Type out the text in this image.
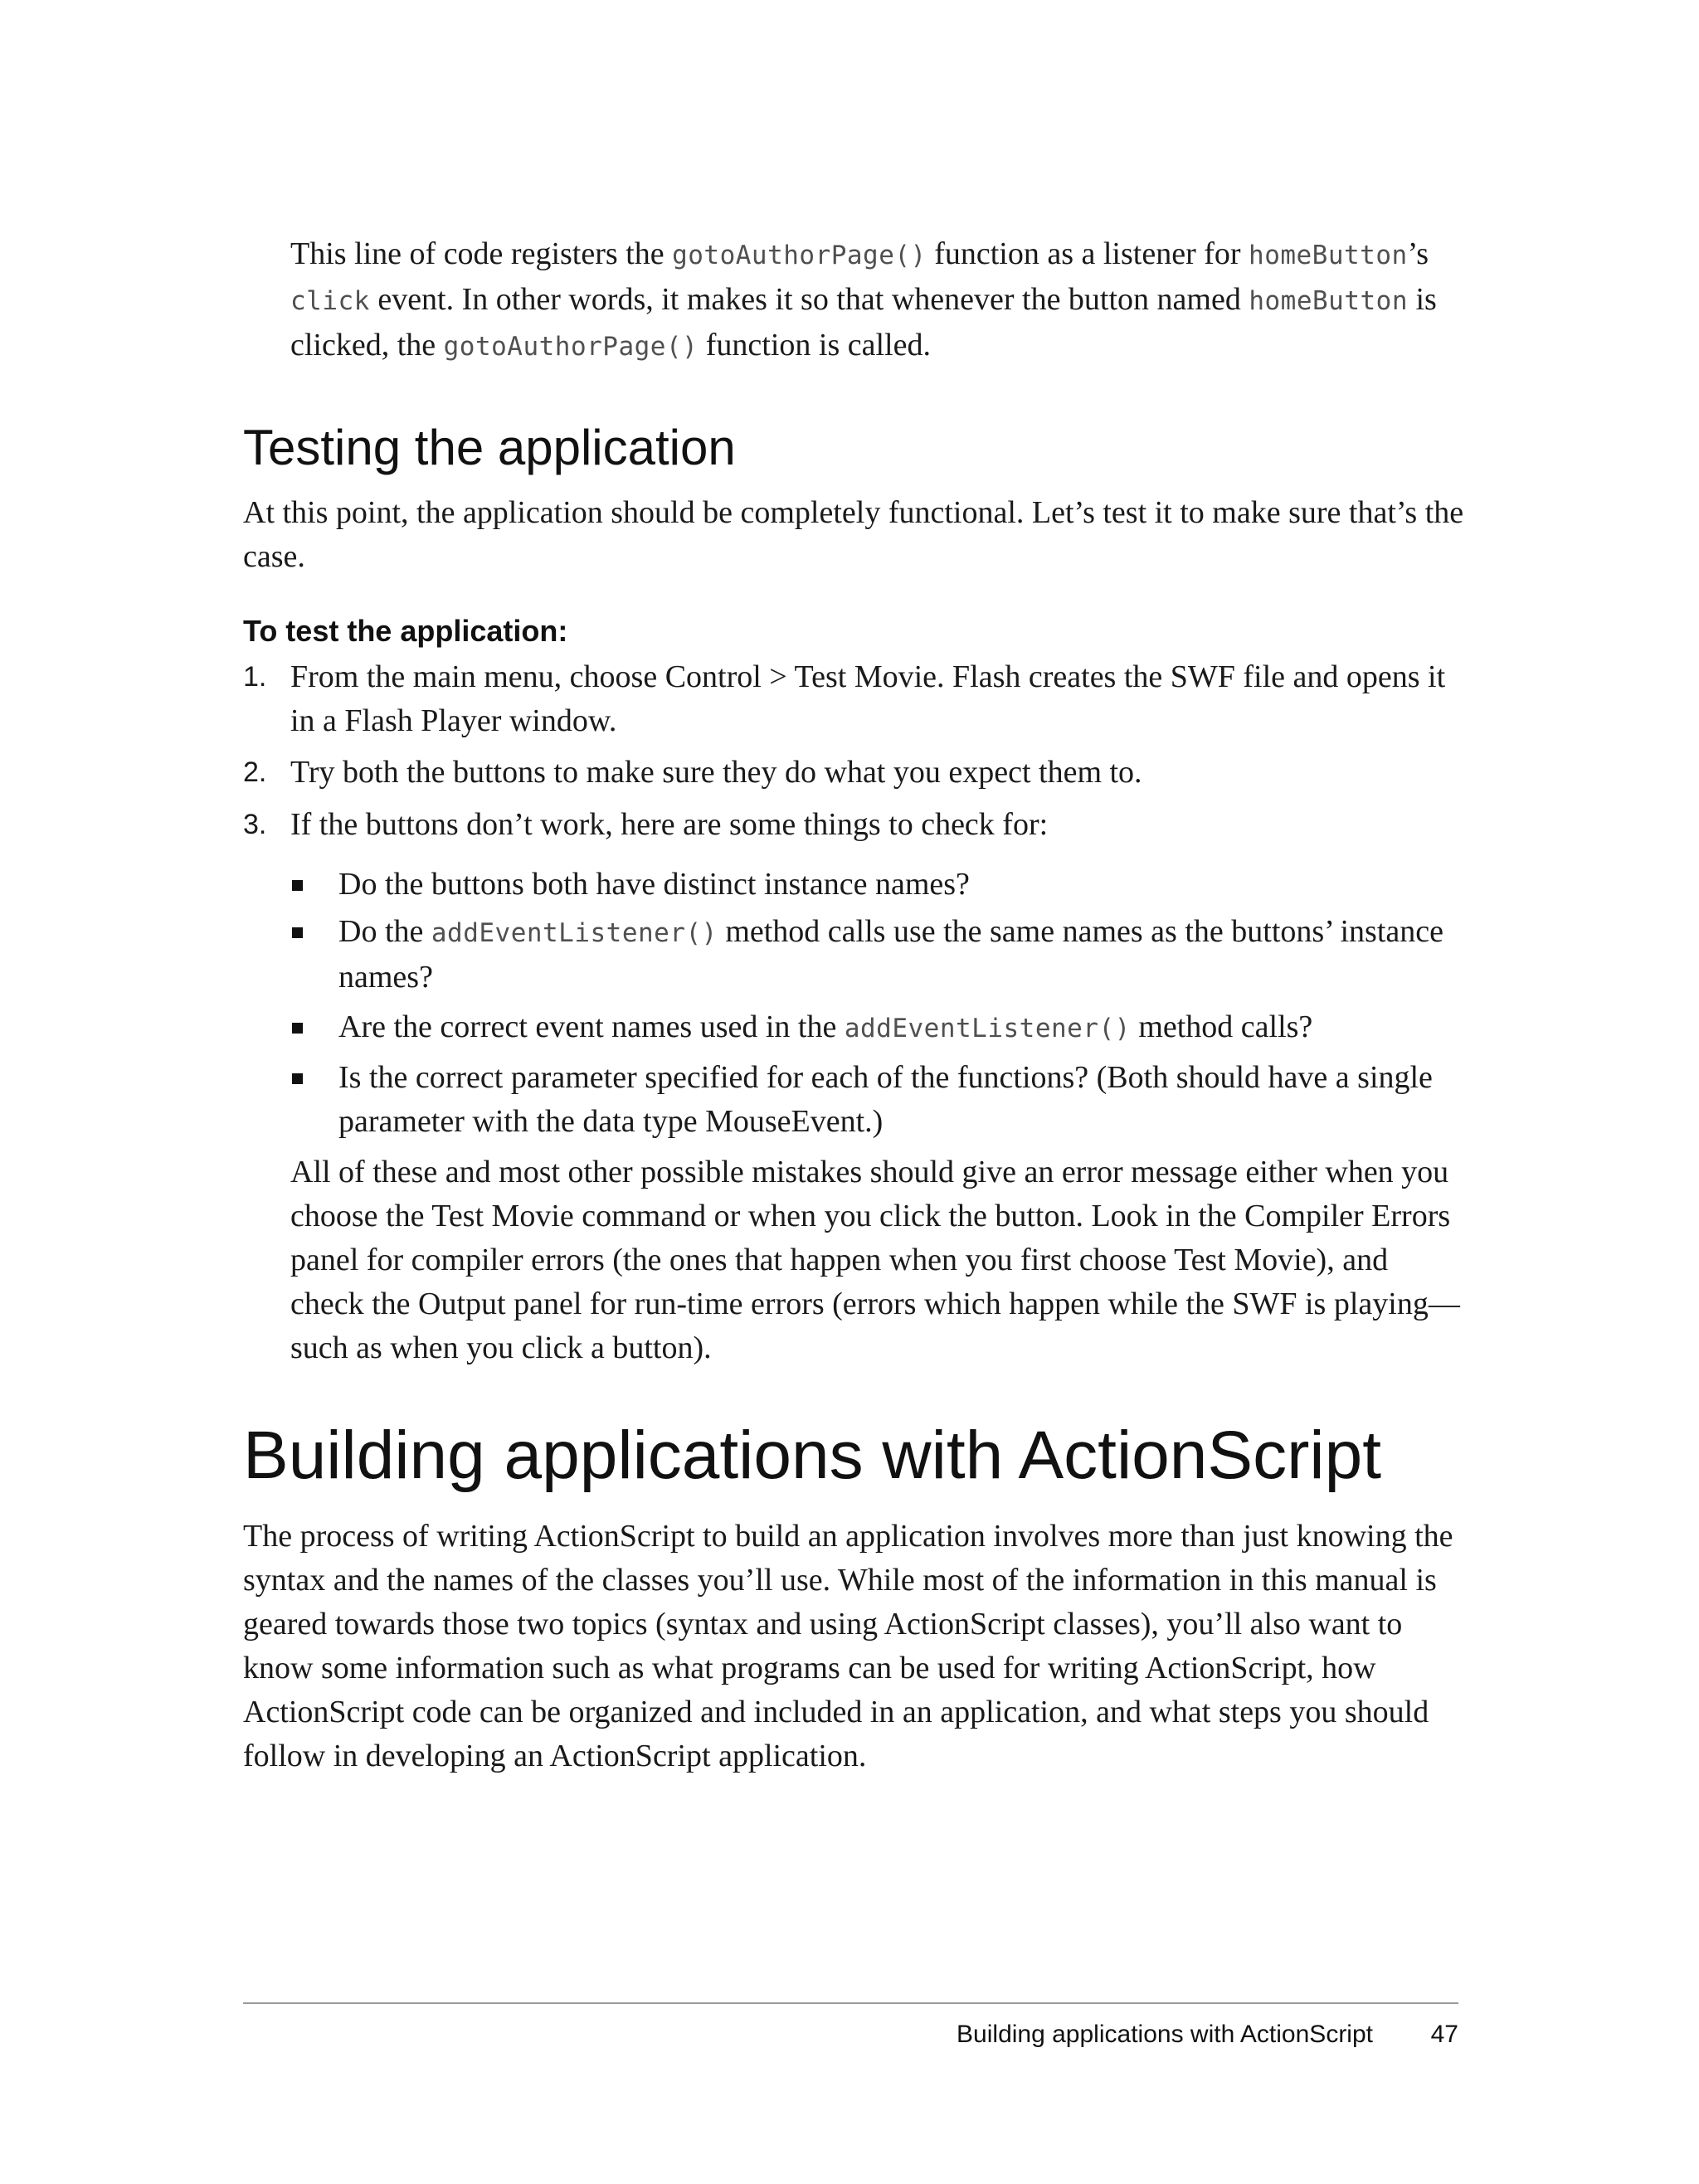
This line of code registers the gotoAuthorPage() function as a listener for homeButton’s click event. In other words, it makes it so that whenever the button named homeButton is clicked, the gotoAuthorPage() function is called.

Testing the application

At this point, the application should be completely functional. Let’s test it to make sure that’s the case.

To test the application:
1. From the main menu, choose Control > Test Movie. Flash creates the SWF file and opens it in a Flash Player window.
2. Try both the buttons to make sure they do what you expect them to.
3. If the buttons don’t work, here are some things to check for:
Do the buttons both have distinct instance names?
Do the addEventListener() method calls use the same names as the buttons’ instance names?
Are the correct event names used in the addEventListener() method calls?
Is the correct parameter specified for each of the functions? (Both should have a single parameter with the data type MouseEvent.)

All of these and most other possible mistakes should give an error message either when you choose the Test Movie command or when you click the button. Look in the Compiler Errors panel for compiler errors (the ones that happen when you first choose Test Movie), and check the Output panel for run-time errors (errors which happen while the SWF is playing—such as when you click a button).

Building applications with ActionScript

The process of writing ActionScript to build an application involves more than just knowing the syntax and the names of the classes you’ll use. While most of the information in this manual is geared towards those two topics (syntax and using ActionScript classes), you’ll also want to know some information such as what programs can be used for writing ActionScript, how ActionScript code can be organized and included in an application, and what steps you should follow in developing an ActionScript application.

Building applications with ActionScript	47
